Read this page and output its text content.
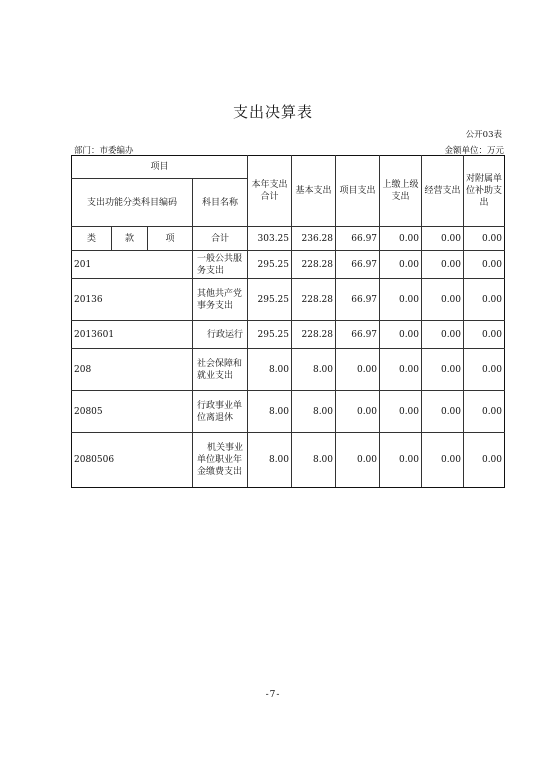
支出决算表
公开03表
部门：市委编办	金额单位：万元
项目				本年支出合计	基本支出	项目支出	上缴上级支出	经营支出	对附属单位补助支出
支出功能分类科目编码			科目名称						
类	款	项	合计	303.25	236.28	66.97	0.00	0.00	0.00
201			一般公共服务支出	295.25	228.28	66.97	0.00	0.00	0.00
20136			其他共产党事务支出	295.25	228.28	66.97	0.00	0.00	0.00
2013601			行政运行	295.25	228.28	66.97	0.00	0.00	0.00
208			社会保障和就业支出	8.00	8.00	0.00	0.00	0.00	0.00
20805			行政事业单位离退休	8.00	8.00	0.00	0.00	0.00	0.00
2080506			机关事业单位职业年金缴费支出	8.00	8.00	0.00	0.00	0.00	0.00
-7-
